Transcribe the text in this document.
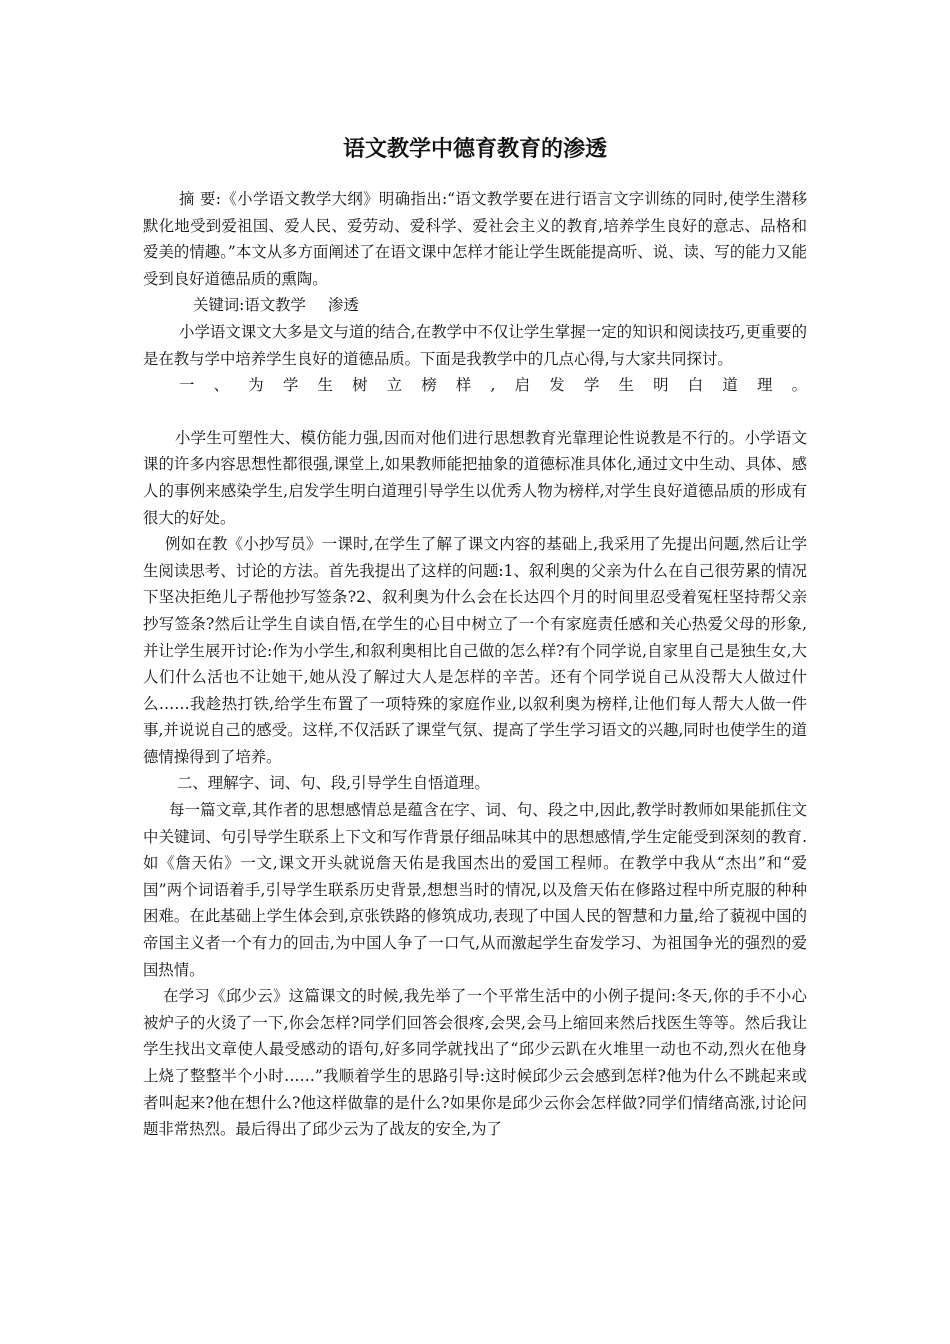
语文教学中德育教育的渗透

摘 要:《小学语文教学大纲》明确指出:“语文教学要在进行语言文字训练的同时,使学生潜移默化地受到爱祖国、爱人民、爱劳动、爱科学、爱社会主义的教育,培养学生良好的意志、品格和爱美的情趣。”本文从多方面阐述了在语文课中怎样才能让学生既能提高听、说、读、写的能力又能受到良好道德品质的熏陶。

关键词:语文教学 渗透

小学语文课文大多是文与道的结合,在教学中不仅让学生掌握一定的知识和阅读技巧,更重要的是在教与学中培养学生良好的道德品质。下面是我教学中的几点心得,与大家共同探讨。

一、为学生树立榜样,启发学生明白道理。

小学生可塑性大、模仿能力强,因而对他们进行思想教育光靠理论性说教是不行的。小学语文课的许多内容思想性都很强,课堂上,如果教师能把抽象的道德标准具体化,通过文中生动、具体、感人的事例来感染学生,启发学生明白道理引导学生以优秀人物为榜样,对学生良好道德品质的形成有很大的好处。

例如在教《小抄写员》一课时,在学生了解了课文内容的基础上,我采用了先提出问题,然后让学生阅读思考、讨论的方法。首先我提出了这样的问题:1、叙利奥的父亲为什么在自己很劳累的情况下坚决拒绝儿子帮他抄写签条?2、叙利奥为什么会在长达四个月的时间里忍受着冤枉坚持帮父亲抄写签条?然后让学生自读自悟,在学生的心目中树立了一个有家庭责任感和关心热爱父母的形象,并让学生展开讨论:作为小学生,和叙利奥相比自己做的怎么样?有个同学说,自家里自己是独生女,大人们什么活也不让她干,她从没了解过大人是怎样的辛苦。还有个同学说自己从没帮大人做过什么……我趁热打铁,给学生布置了一项特殊的家庭作业,以叙利奥为榜样,让他们每人帮大人做一件事,并说说自己的感受。这样,不仅活跃了课堂气氛、提高了学生学习语文的兴趣,同时也使学生的道德情操得到了培养。

二、理解字、词、句、段,引导学生自悟道理。

每一篇文章,其作者的思想感情总是蕴含在字、词、句、段之中,因此,教学时教师如果能抓住文中关键词、句引导学生联系上下文和写作背景仔细品味其中的思想感情,学生定能受到深刻的教育.如《詹天佑》一文,课文开头就说詹天佑是我国杰出的爱国工程师。在教学中我从“杰出”和“爱国”两个词语着手,引导学生联系历史背景,想想当时的情况,以及詹天佑在修路过程中所克服的种种困难。在此基础上学生体会到,京张铁路的修筑成功,表现了中国人民的智慧和力量,给了藐视中国的帝国主义者一个有力的回击,为中国人争了一口气,从而激起学生奋发学习、为祖国争光的强烈的爱国热情。

在学习《邱少云》这篇课文的时候,我先举了一个平常生活中的小例子提问:冬天,你的手不小心被炉子的火烫了一下,你会怎样?同学们回答会很疼,会哭,会马上缩回来然后找医生等等。然后我让学生找出文章使人最受感动的语句,好多同学就找出了“邱少云趴在火堆里一动也不动,烈火在他身上烧了整整半个小时……”我顺着学生的思路引导:这时候邱少云会感到怎样?他为什么不跳起来或者叫起来?他在想什么?他这样做靠的是什么?如果你是邱少云你会怎样做?同学们情绪高涨,讨论问题非常热烈。最后得出了邱少云为了战友的安全,为了
